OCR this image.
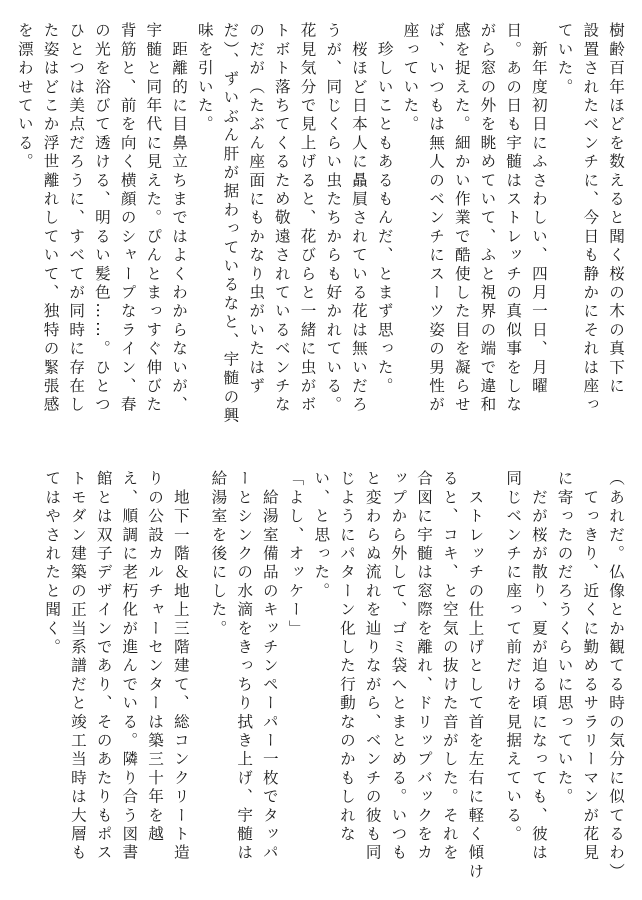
樹齢百年ほどを数えると聞く桜の木の真下に

設置されたベンチに、今日も静かにそれは座っ

ていた。

　新年度初日にふさわしい、四月一日、月曜

日。あの日も宇髄はストレッチの真似事をしな

がら窓の外を眺めていて、ふと視界の端で違和

感を捉えた。細かい作業で酷使した目を凝らせ

ば、いつもは無人のベンチにスーツ姿の男性が

座っていた。

　珍しいこともあるもんだ、とまず思った。

　桜ほど日本人に贔屓されている花は無いだろ

うが、同じくらい虫たちからも好かれている。

花見気分で見上げると、花びらと一緒に虫がボ

トボト落ちてくるため敬遠されているベンチな

のだが（たぶん座面にもかなり虫がいたはず

だ）、ずいぶん肝が据わっているなと、宇髄の興

味を引いた。

　距離的に目鼻立ちまではよくわからないが、

宇髄と同年代に見えた。ぴんとまっすぐ伸びた

背筋と、前を向く横顔のシャープなライン、春

の光を浴びて透ける、明るい髪色……。ひとつ

ひとつは美点だろうに、すべてが同時に存在し

た姿はどこか浮世離れしていて、独特の緊張感

を漂わせている。

（あれだ。仏像とか観てる時の気分に似てるわ）

　てっきり、近くに勤めるサラリーマンが花見

に寄ったのだろうくらいに思っていた。

　だが桜が散り、夏が迫る頃になっても、彼は

同じベンチに座って前だけを見据えている。

　ストレッチの仕上げとして首を左右に軽く傾け

ると、コキ、と空気の抜けた音がした。それを

合図に宇髄は窓際を離れ、ドリップバックをカ

ップから外して、ゴミ袋へとまとめる。いつも

と変わらぬ流れを辿りながら、ベンチの彼も同

じようにパターン化した行動なのかもしれな

い、と思った。

「よし、オッケー」

　給湯室備品のキッチンペーパー一枚でタッパ

ーとシンクの水滴をきっちり拭き上げ、宇髄は

給湯室を後にした。

　地下一階＆地上三階建て、総コンクリート造

りの公設カルチャーセンターは築三十年を越

え、順調に老朽化が進んでいる。隣り合う図書

館とは双子デザインであり、そのあたりもポス

トモダン建築の正当系譜だと竣工当時は大層も

てはやされたと聞く。
